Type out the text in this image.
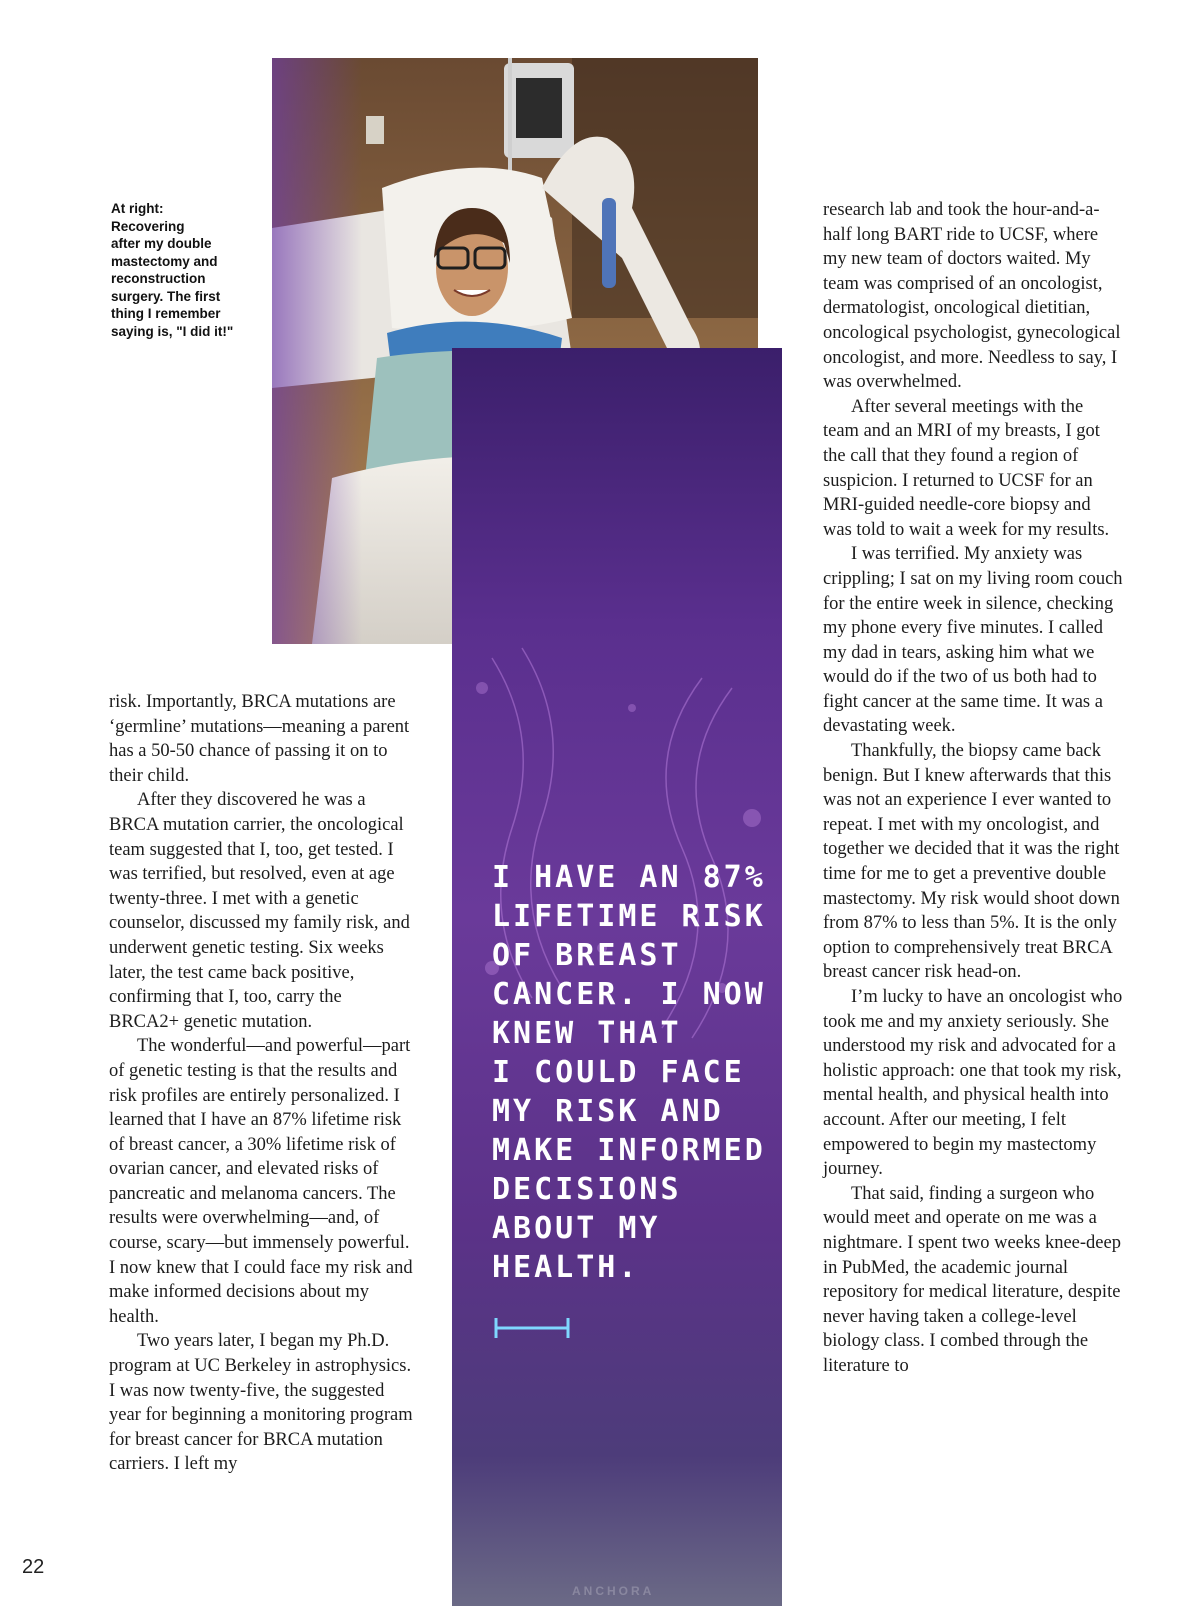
I HAVE AN 87%
LIFETIME RISK
OF BREAST
CANCER. I NOW
KNEW THAT
I COULD FACE
MY RISK AND
MAKE INFORMED
DECISIONS
ABOUT MY
HEALTH.
At right:
Recovering
after my double
mastectomy and
reconstruction
surgery. The first
thing I remember
saying is, "I did it!"

risk. Importantly, BRCA mutations are ‘germline’ mutations—meaning a parent has a 50-50 chance of passing it on to their child.

After they discovered he was a BRCA mutation carrier, the oncological team suggested that I, too, get tested. I was terrified, but resolved, even at age twenty-three. I met with a genetic counselor, discussed my family risk, and underwent genetic testing. Six weeks later, the test came back positive, confirming that I, too, carry the BRCA2+ genetic mutation.

The wonderful—and powerful—part of genetic testing is that the results and risk profiles are entirely personalized. I learned that I have an 87% lifetime risk of breast cancer, a 30% lifetime risk of ovarian cancer, and elevated risks of pancreatic and melanoma cancers. The results were overwhelming—and, of course, scary—but immensely powerful. I now knew that I could face my risk and make informed decisions about my health.

Two years later, I began my Ph.D. program at UC Berkeley in astrophysics. I was now twenty-five, the suggested year for beginning a monitoring program for breast cancer for BRCA mutation carriers. I left my

research lab and took the hour-and-a-half long BART ride to UCSF, where my new team of doctors waited. My team was comprised of an oncologist, dermatologist, oncological dietitian, oncological psychologist, gynecological oncologist, and more. Needless to say, I was overwhelmed.

After several meetings with the team and an MRI of my breasts, I got the call that they found a region of suspicion. I returned to UCSF for an MRI-guided needle-core biopsy and was told to wait a week for my results.

I was terrified. My anxiety was crippling; I sat on my living room couch for the entire week in silence, checking my phone every five minutes. I called my dad in tears, asking him what we would do if the two of us both had to fight cancer at the same time. It was a devastating week.

Thankfully, the biopsy came back benign. But I knew afterwards that this was not an experience I ever wanted to repeat. I met with my oncologist, and together we decided that it was the right time for me to get a preventive double mastectomy. My risk would shoot down from 87% to less than 5%. It is the only option to comprehensively treat BRCA breast cancer risk head-on.

I’m lucky to have an oncologist who took me and my anxiety seriously. She understood my risk and advocated for a holistic approach: one that took my risk, mental health, and physical health into account. After our meeting, I felt empowered to begin my mastectomy journey.

That said, finding a surgeon who would meet and operate on me was a nightmare. I spent two weeks knee-deep in PubMed, the academic journal repository for medical literature, despite never having taken a college-level biology class. I combed through the literature to

ANCHORA
22
